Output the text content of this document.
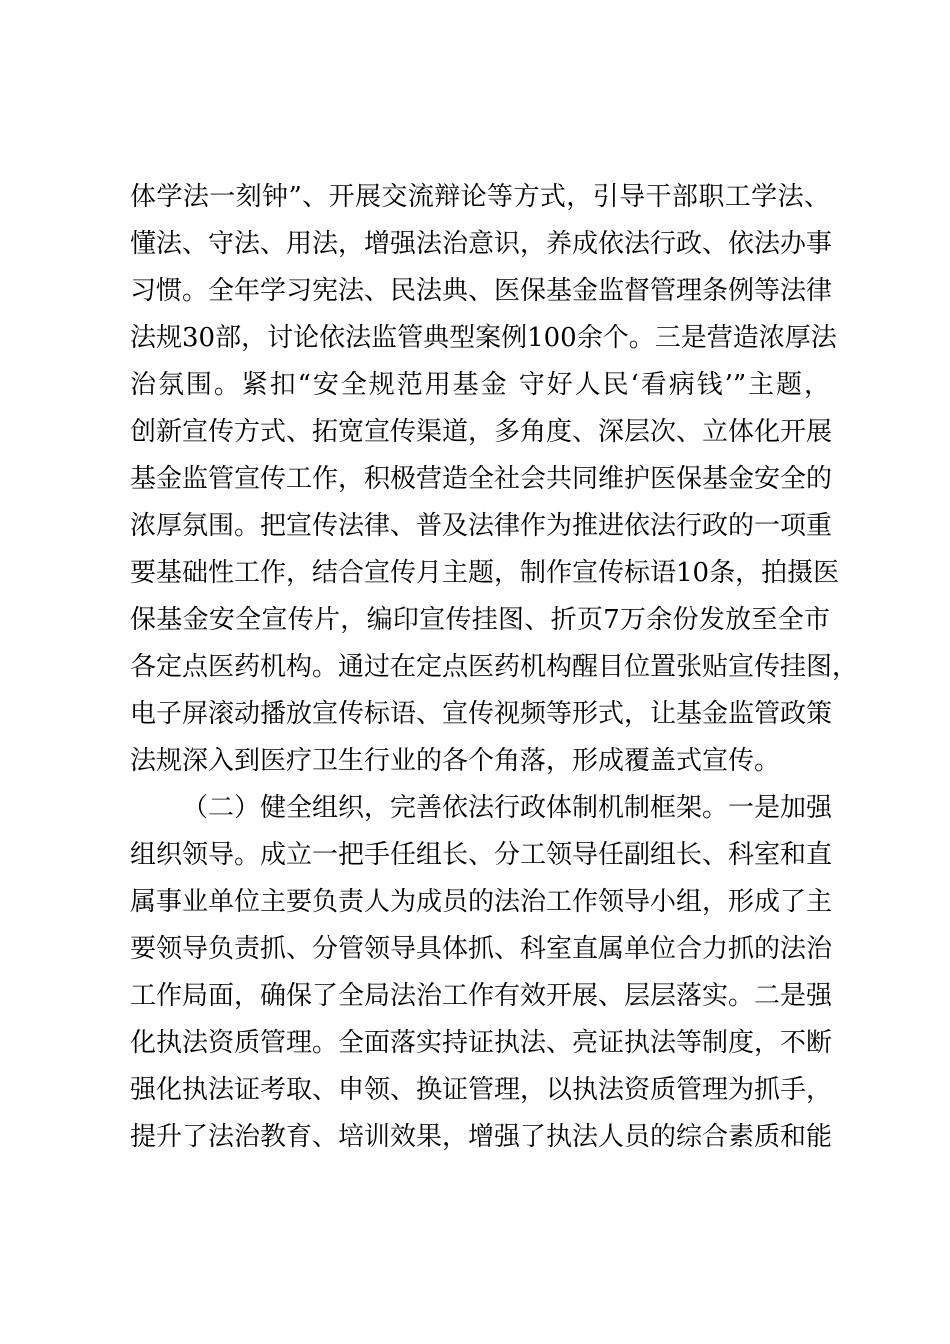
体学法一刻钟”、开展交流辩论等方式，引导干部职工学法、
懂法、守法、用法，增强法治意识，养成依法行政、依法办事
习惯。全年学习宪法、民法典、医保基金监督管理条例等法律
法规30部，讨论依法监管典型案例100余个。三是营造浓厚法
治氛围。紧扣“安全规范用基金 守好人民‘看病钱’”主题，
创新宣传方式、拓宽宣传渠道，多角度、深层次、立体化开展
基金监管宣传工作，积极营造全社会共同维护医保基金安全的
浓厚氛围。把宣传法律、普及法律作为推进依法行政的一项重
要基础性工作，结合宣传月主题，制作宣传标语10条，拍摄医
保基金安全宣传片，编印宣传挂图、折页7万余份发放至全市
各定点医药机构。通过在定点医药机构醒目位置张贴宣传挂图，
电子屏滚动播放宣传标语、宣传视频等形式，让基金监管政策
法规深入到医疗卫生行业的各个角落，形成覆盖式宣传。
（二）健全组织，完善依法行政体制机制框架。一是加强
组织领导。成立一把手任组长、分工领导任副组长、科室和直
属事业单位主要负责人为成员的法治工作领导小组，形成了主
要领导负责抓、分管领导具体抓、科室直属单位合力抓的法治
工作局面，确保了全局法治工作有效开展、层层落实。二是强
化执法资质管理。全面落实持证执法、亮证执法等制度，不断
强化执法证考取、申领、换证管理，以执法资质管理为抓手，
提升了法治教育、培训效果，增强了执法人员的综合素质和能
